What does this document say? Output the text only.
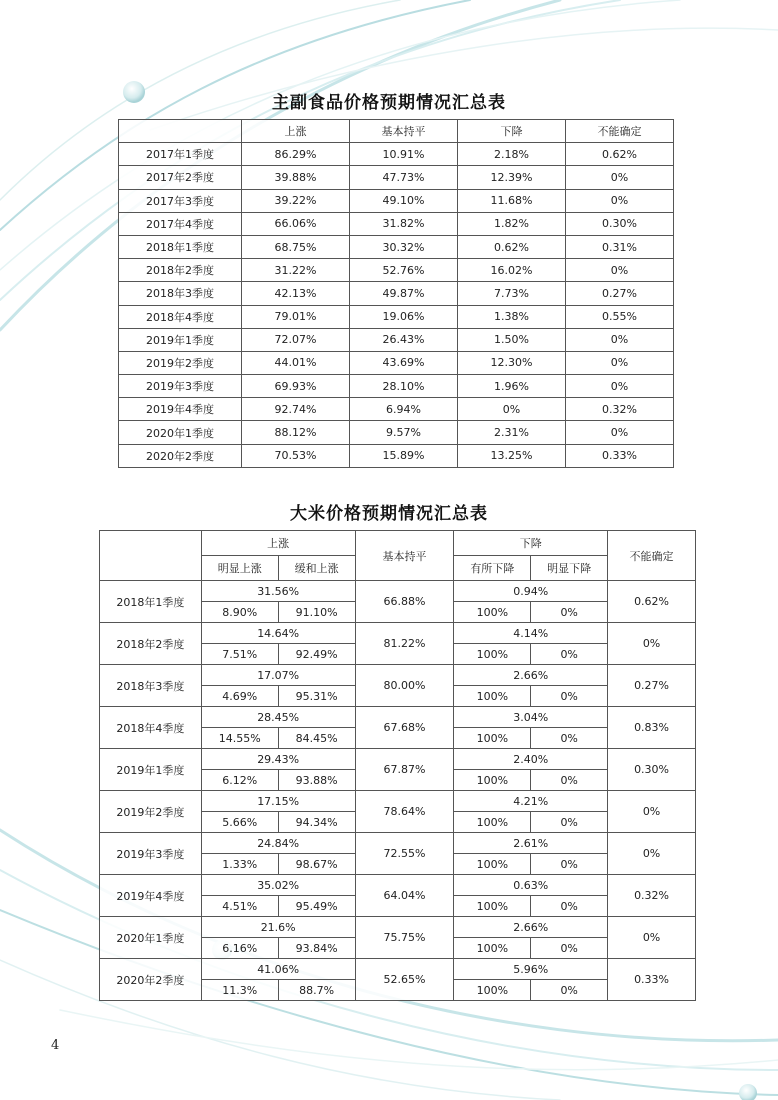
主副食品价格预期情况汇总表
	上涨	基本持平	下降	不能确定
2017年1季度	86.29%	10.91%	2.18%	0.62%
2017年2季度	39.88%	47.73%	12.39%	0%
2017年3季度	39.22%	49.10%	11.68%	0%
2017年4季度	66.06%	31.82%	1.82%	0.30%
2018年1季度	68.75%	30.32%	0.62%	0.31%
2018年2季度	31.22%	52.76%	16.02%	0%
2018年3季度	42.13%	49.87%	7.73%	0.27%
2018年4季度	79.01%	19.06%	1.38%	0.55%
2019年1季度	72.07%	26.43%	1.50%	0%
2019年2季度	44.01%	43.69%	12.30%	0%
2019年3季度	69.93%	28.10%	1.96%	0%
2019年4季度	92.74%	6.94%	0%	0.32%
2020年1季度	88.12%	9.57%	2.31%	0%
2020年2季度	70.53%	15.89%	13.25%	0.33%
大米价格预期情况汇总表
	上涨		基本持平	下降		不能确定
	明显上涨	缓和上涨		有所下降	明显下降	
2018年1季度	31.56%		66.88%	0.94%		0.62%
	8.90%	91.10%		100%	0%	
2018年2季度	14.64%		81.22%	4.14%		0%
	7.51%	92.49%		100%	0%	
2018年3季度	17.07%		80.00%	2.66%		0.27%
	4.69%	95.31%		100%	0%	
2018年4季度	28.45%		67.68%	3.04%		0.83%
	14.55%	84.45%		100%	0%	
2019年1季度	29.43%		67.87%	2.40%		0.30%
	6.12%	93.88%		100%	0%	
2019年2季度	17.15%		78.64%	4.21%		0%
	5.66%	94.34%		100%	0%	
2019年3季度	24.84%		72.55%	2.61%		0%
	1.33%	98.67%		100%	0%	
2019年4季度	35.02%		64.04%	0.63%		0.32%
	4.51%	95.49%		100%	0%	
2020年1季度	21.6%		75.75%	2.66%		0%
	6.16%	93.84%		100%	0%	
2020年2季度	41.06%		52.65%	5.96%		0.33%
	11.3%	88.7%		100%	0%	
4
